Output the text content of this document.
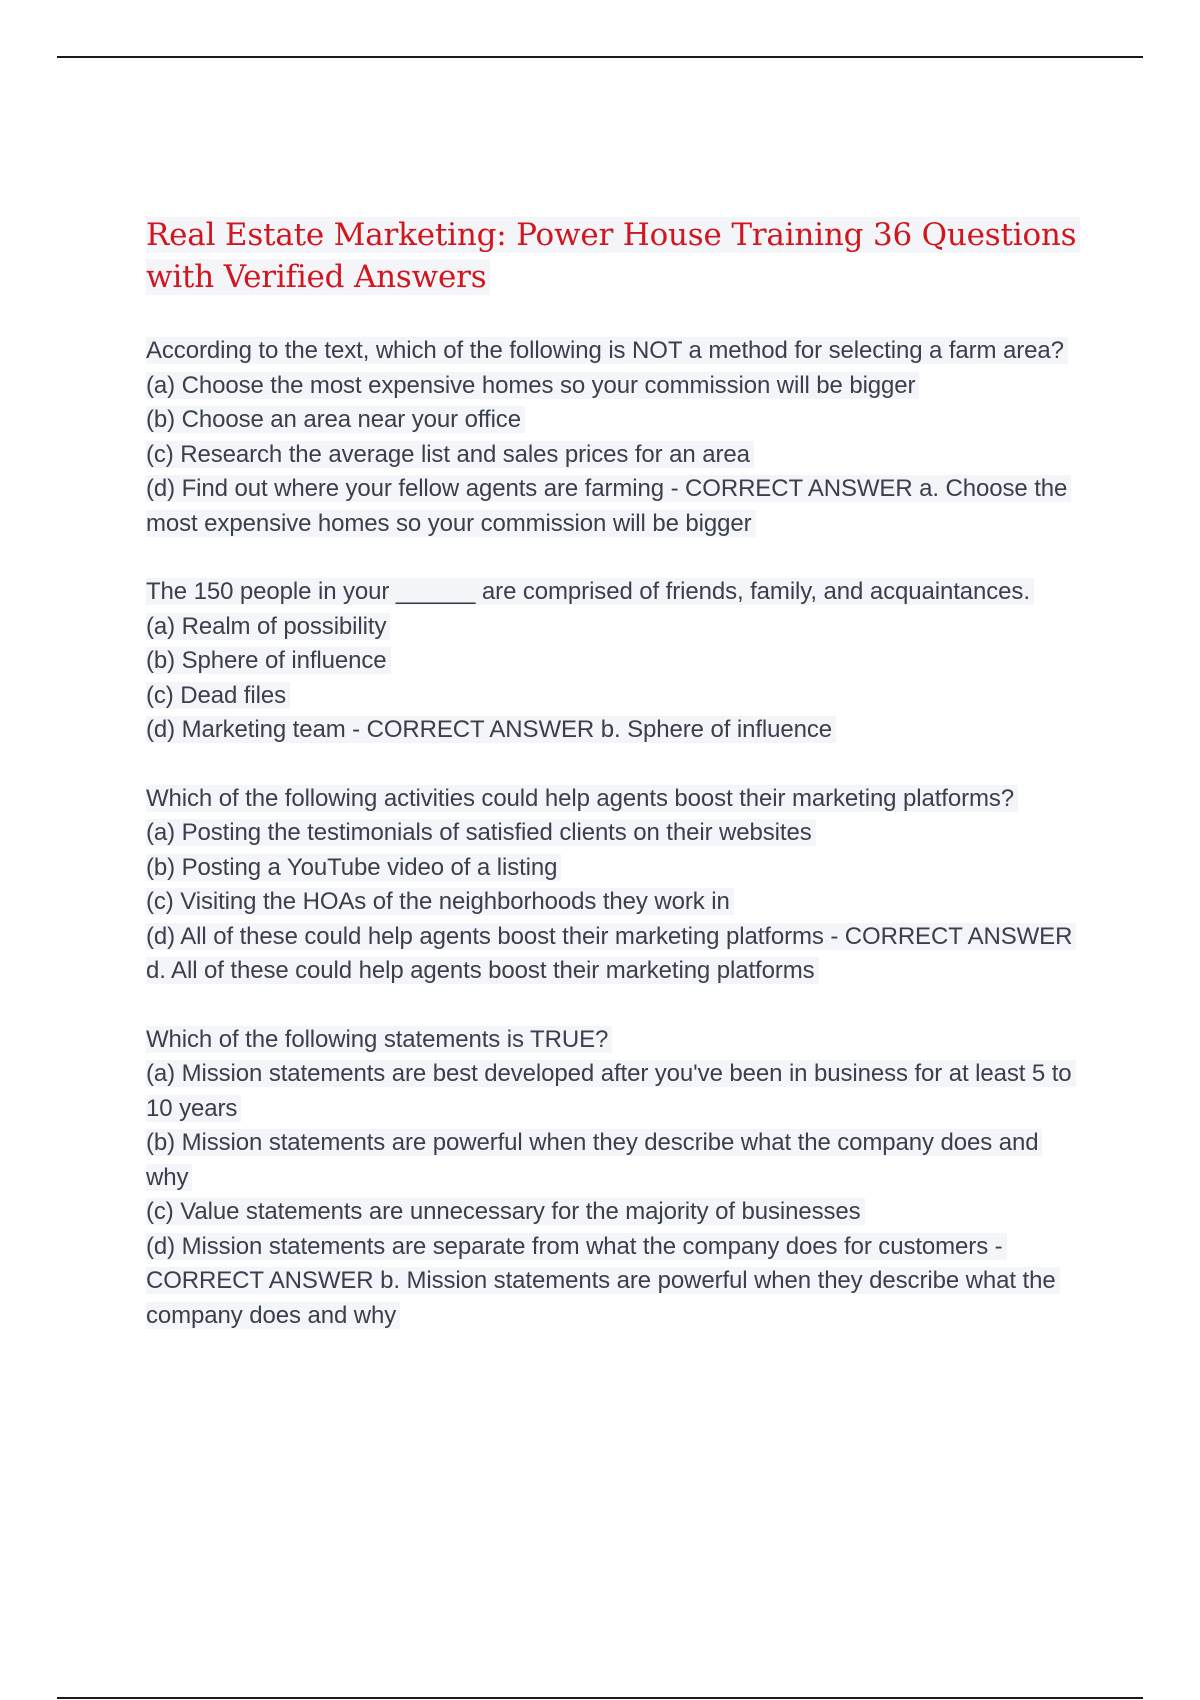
Real Estate Marketing: Power House Training 36 Questions with Verified Answers
According to the text, which of the following is NOT a method for selecting a farm area?
(a) Choose the most expensive homes so your commission will be bigger
(b) Choose an area near your office
(c) Research the average list and sales prices for an area
(d) Find out where your fellow agents are farming - CORRECT ANSWER a. Choose the most expensive homes so your commission will be bigger
The 150 people in your ______ are comprised of friends, family, and acquaintances.
(a) Realm of possibility
(b) Sphere of influence
(c) Dead files
(d) Marketing team - CORRECT ANSWER b. Sphere of influence
Which of the following activities could help agents boost their marketing platforms?
(a) Posting the testimonials of satisfied clients on their websites
(b) Posting a YouTube video of a listing
(c) Visiting the HOAs of the neighborhoods they work in
(d) All of these could help agents boost their marketing platforms - CORRECT ANSWER d. All of these could help agents boost their marketing platforms
Which of the following statements is TRUE?
(a) Mission statements are best developed after you've been in business for at least 5 to 10 years
(b) Mission statements are powerful when they describe what the company does and why
(c) Value statements are unnecessary for the majority of businesses
(d) Mission statements are separate from what the company does for customers - CORRECT ANSWER b. Mission statements are powerful when they describe what the company does and why
